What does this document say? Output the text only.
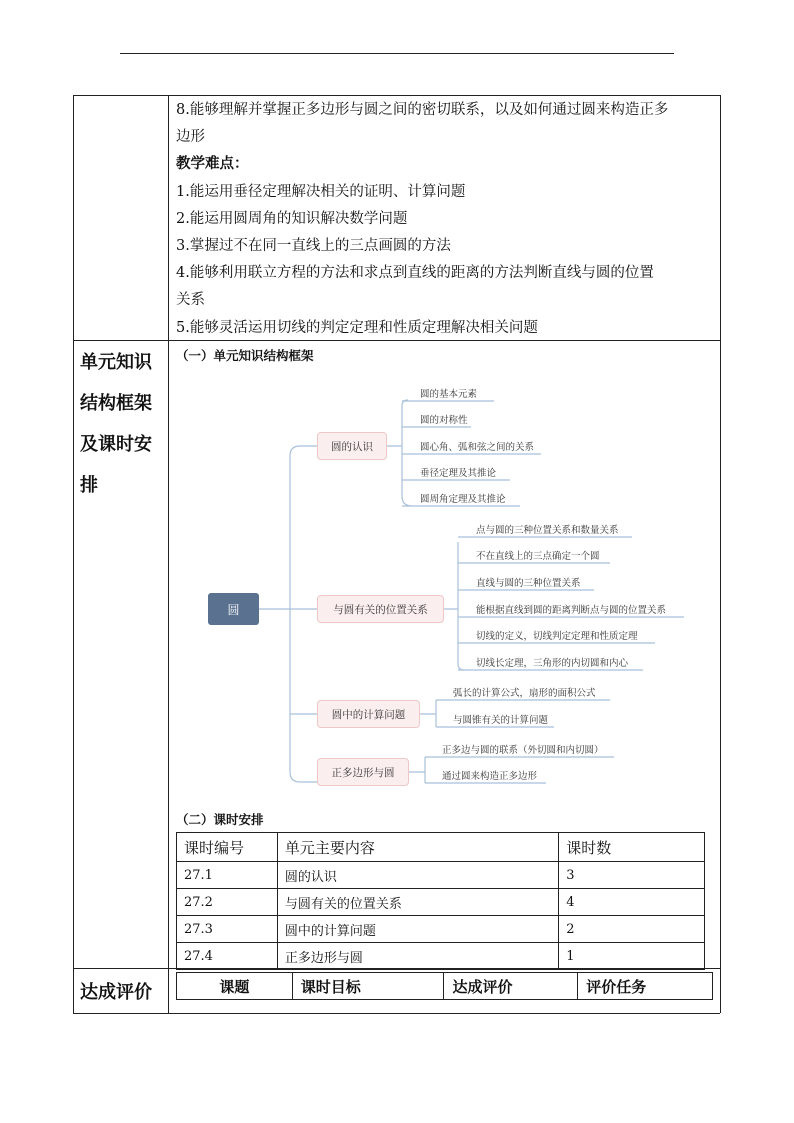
8.能够理解并掌握正多边形与圆之间的密切联系，以及如何通过圆来构造正多
边形
教学难点：
1.能运用垂径定理解决相关的证明、计算问题
2.能运用圆周角的知识解决数学问题
3.掌握过不在同一直线上的三点画圆的方法
4.能够利用联立方程的方法和求点到直线的距离的方法判断直线与圆的位置
关系
5.能够灵活运用切线的判定定理和性质定理解决相关问题
单元知识
结构框架
及课时安
排
达成评价
（一）单元知识结构框架
（二）课时安排
圆
圆的认识
与圆有关的位置关系
圆中的计算问题
正多边形与圆
圆的基本元素
圆的对称性
圆心角、弧和弦之间的关系
垂径定理及其推论
圆周角定理及其推论
点与圆的三种位置关系和数量关系
不在直线上的三点确定一个圆
直线与圆的三种位置关系
能根据直线到圆的距离判断点与圆的位置关系
切线的定义，切线判定定理和性质定理
切线长定理，三角形的内切圆和内心
弧长的计算公式，扇形的面积公式
与圆锥有关的计算问题
正多边与圆的联系（外切圆和内切圆）
通过圆来构造正多边形
课时编号	单元主要内容	课时数
27.1	圆的认识	3
27.2	与圆有关的位置关系	4
27.3	圆中的计算问题	2
27.4	正多边形与圆	1
课题	课时目标	达成评价	评价任务
